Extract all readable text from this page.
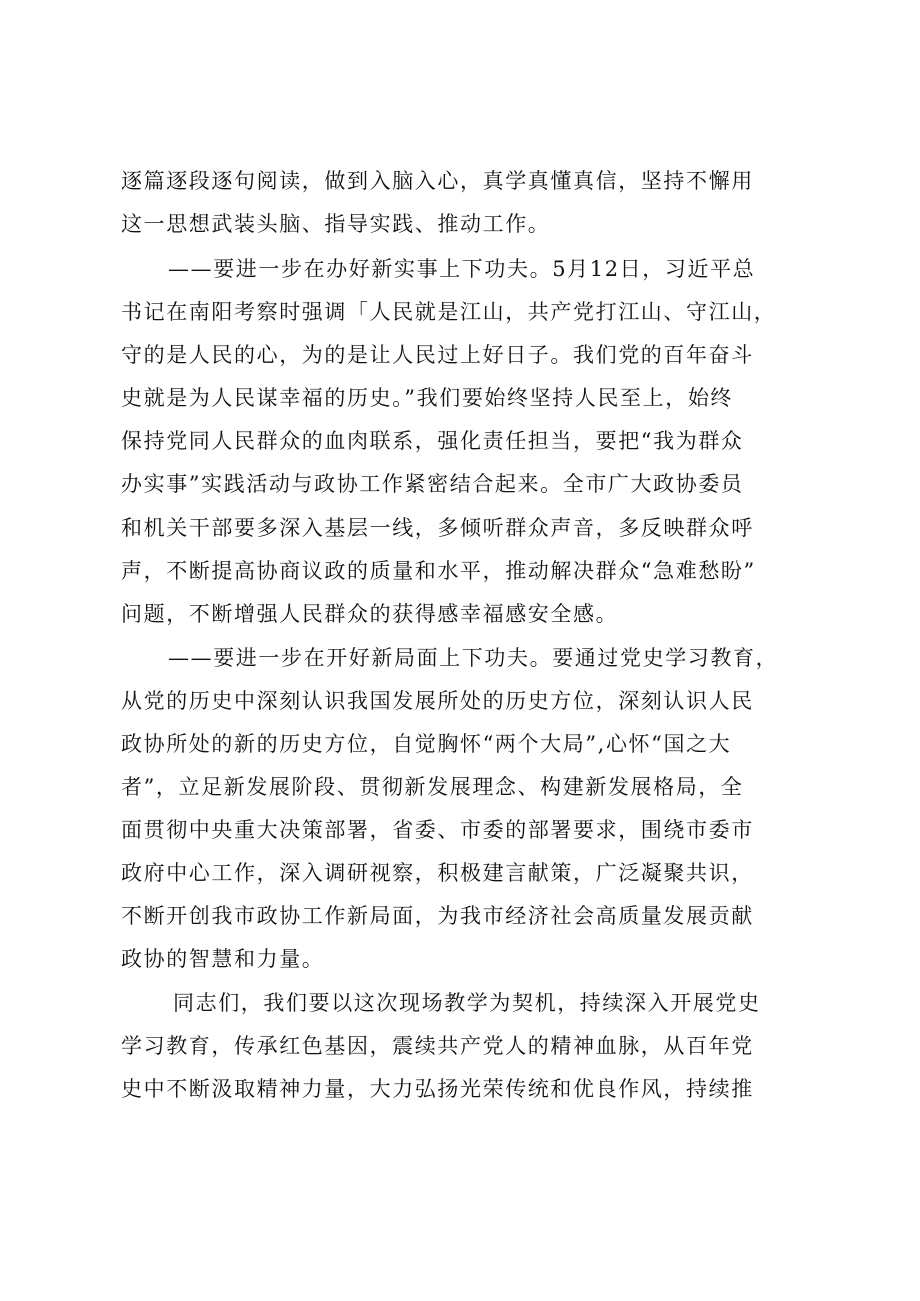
逐篇逐段逐句阅读，做到入脑入心，真学真懂真信，坚持不懈用
这一思想武装头脑、指导实践、推动工作。
——要进一步在办好新实事上下功夫。5月12日，习近平总
书记在南阳考察时强调「人民就是江山，共产党打江山、守江山，
守的是人民的心，为的是让人民过上好日子。我们党的百年奋斗
史就是为人民谋幸福的历史。”我们要始终坚持人民至上，始终
保持党同人民群众的血肉联系，强化责任担当，要把“我为群众
办实事”实践活动与政协工作紧密结合起来。全市广大政协委员
和机关干部要多深入基层一线，多倾听群众声音，多反映群众呼
声，不断提高协商议政的质量和水平，推动解决群众“急难愁盼”
问题，不断增强人民群众的获得感幸福感安全感。
——要进一步在开好新局面上下功夫。要通过党史学习教育，
从党的历史中深刻认识我国发展所处的历史方位，深刻认识人民
政协所处的新的历史方位，自觉胸怀“两个大局”,心怀“国之大
者”，立足新发展阶段、贯彻新发展理念、构建新发展格局，全
面贯彻中央重大决策部署，省委、市委的部署要求，围绕市委市
政府中心工作，深入调研视察，积极建言献策，广泛凝聚共识，
不断开创我市政协工作新局面，为我市经济社会高质量发展贡献
政协的智慧和力量。
同志们，我们要以这次现场教学为契机，持续深入开展党史
学习教育，传承红色基因，震续共产党人的精神血脉，从百年党
史中不断汲取精神力量，大力弘扬光荣传统和优良作风，持续推
